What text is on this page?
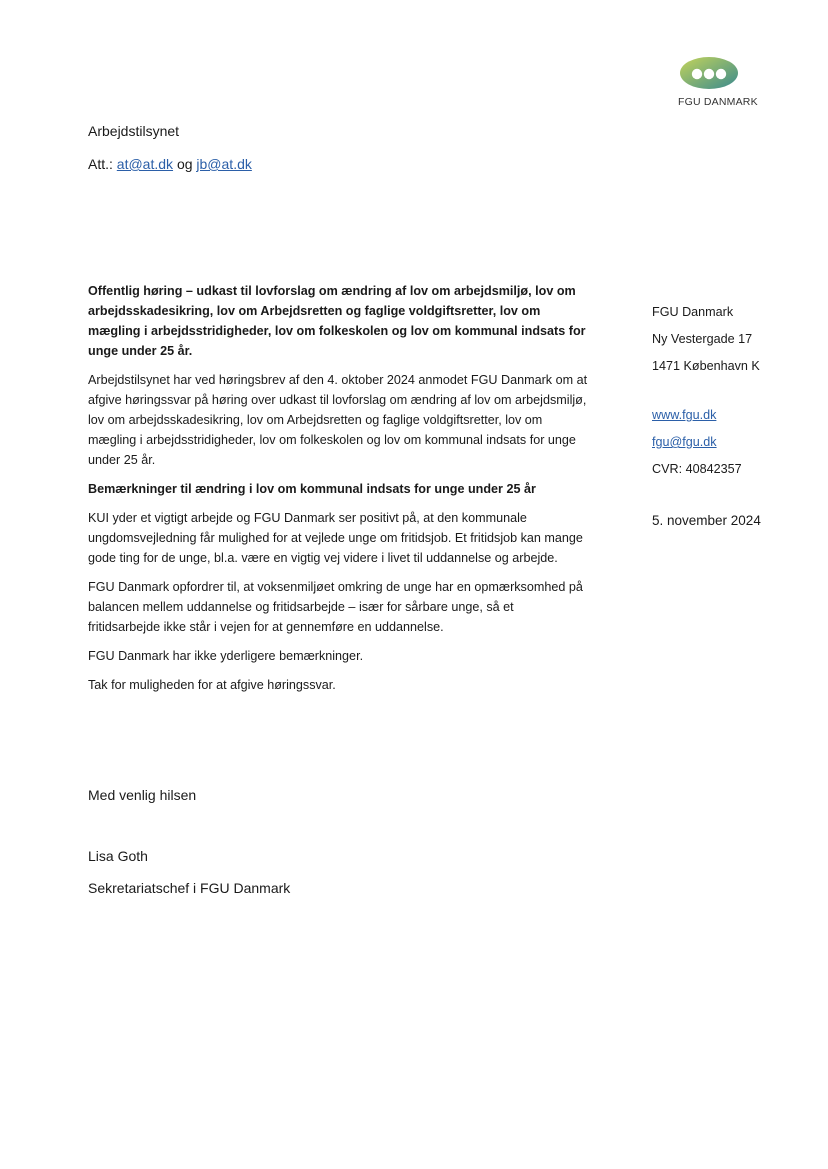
FGU DANMARK
Arbejdstilsynet
Att.: at@at.dk og jb@at.dk

Offentlig høring – udkast til lovforslag om ændring af lov om arbejdsmiljø, lov om arbejdsskadesikring, lov om Arbejdsretten og faglige voldgiftsretter, lov om mægling i arbejdsstridigheder, lov om folkeskolen og lov om kommunal indsats for unge under 25 år.

Arbejdstilsynet har ved høringsbrev af den 4. oktober 2024 anmodet FGU Danmark om at afgive høringssvar på høring over udkast til lovforslag om ændring af lov om arbejdsmiljø, lov om arbejdsskadesikring, lov om Arbejdsretten og faglige voldgiftsretter, lov om mægling i arbejdsstridigheder, lov om folkeskolen og lov om kommunal indsats for unge under 25 år.

Bemærkninger til ændring i lov om kommunal indsats for unge under 25 år

KUI yder et vigtigt arbejde og FGU Danmark ser positivt på, at den kommunale ungdomsvejledning får mulighed for at vejlede unge om fritidsjob. Et fritidsjob kan mange gode ting for de unge, bl.a. være en vigtig vej videre i livet til uddannelse og arbejde.

FGU Danmark opfordrer til, at voksenmiljøet omkring de unge har en opmærksomhed på balancen mellem uddannelse og fritidsarbejde – især for sårbare unge, så et fritidsarbejde ikke står i vejen for at gennemføre en uddannelse.

FGU Danmark har ikke yderligere bemærkninger.

Tak for muligheden for at afgive høringssvar.

FGU Danmark
Ny Vestergade 17
1471 København K
www.fgu.dk
fgu@fgu.dk
CVR: 40842357
5. november 2024
Med venlig hilsen
Lisa Goth
Sekretariatschef i FGU Danmark
